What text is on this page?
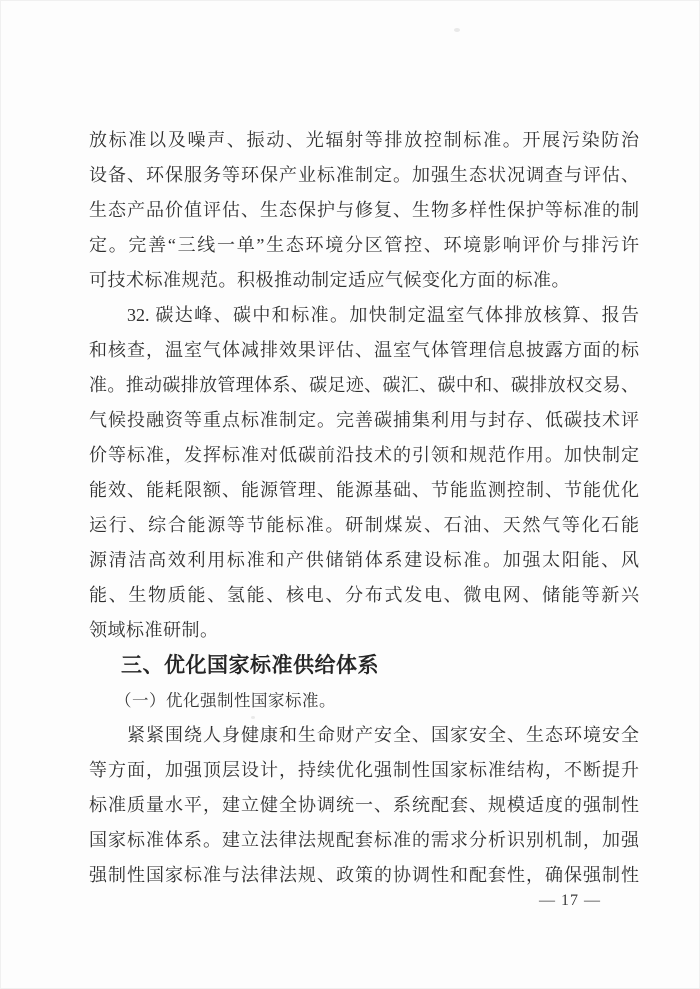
放标准以及噪声、振动、光辐射等排放控制标准。开展污染防治
设备、环保服务等环保产业标准制定。加强生态状况调查与评估、
生态产品价值评估、生态保护与修复、生物多样性保护等标准的制
定。完善“三线一单”生态环境分区管控、环境影响评价与排污许
可技术标准规范。积极推动制定适应气候变化方面的标准。
32. 碳达峰、碳中和标准。加快制定温室气体排放核算、报告
和核查，温室气体减排效果评估、温室气体管理信息披露方面的标
准。推动碳排放管理体系、碳足迹、碳汇、碳中和、碳排放权交易、
气候投融资等重点标准制定。完善碳捕集利用与封存、低碳技术评
价等标准，发挥标准对低碳前沿技术的引领和规范作用。加快制定
能效、能耗限额、能源管理、能源基础、节能监测控制、节能优化
运行、综合能源等节能标准。研制煤炭、石油、天然气等化石能
源清洁高效利用标准和产供储销体系建设标准。加强太阳能、风
能、生物质能、氢能、核电、分布式发电、微电网、储能等新兴
领域标准研制。
三、优化国家标准供给体系
（一）优化强制性国家标准。
紧紧围绕人身健康和生命财产安全、国家安全、生态环境安全
等方面，加强顶层设计，持续优化强制性国家标准结构，不断提升
标准质量水平，建立健全协调统一、系统配套、规模适度的强制性
国家标准体系。建立法律法规配套标准的需求分析识别机制，加强
强制性国家标准与法律法规、政策的协调性和配套性，确保强制性
— 17 —
